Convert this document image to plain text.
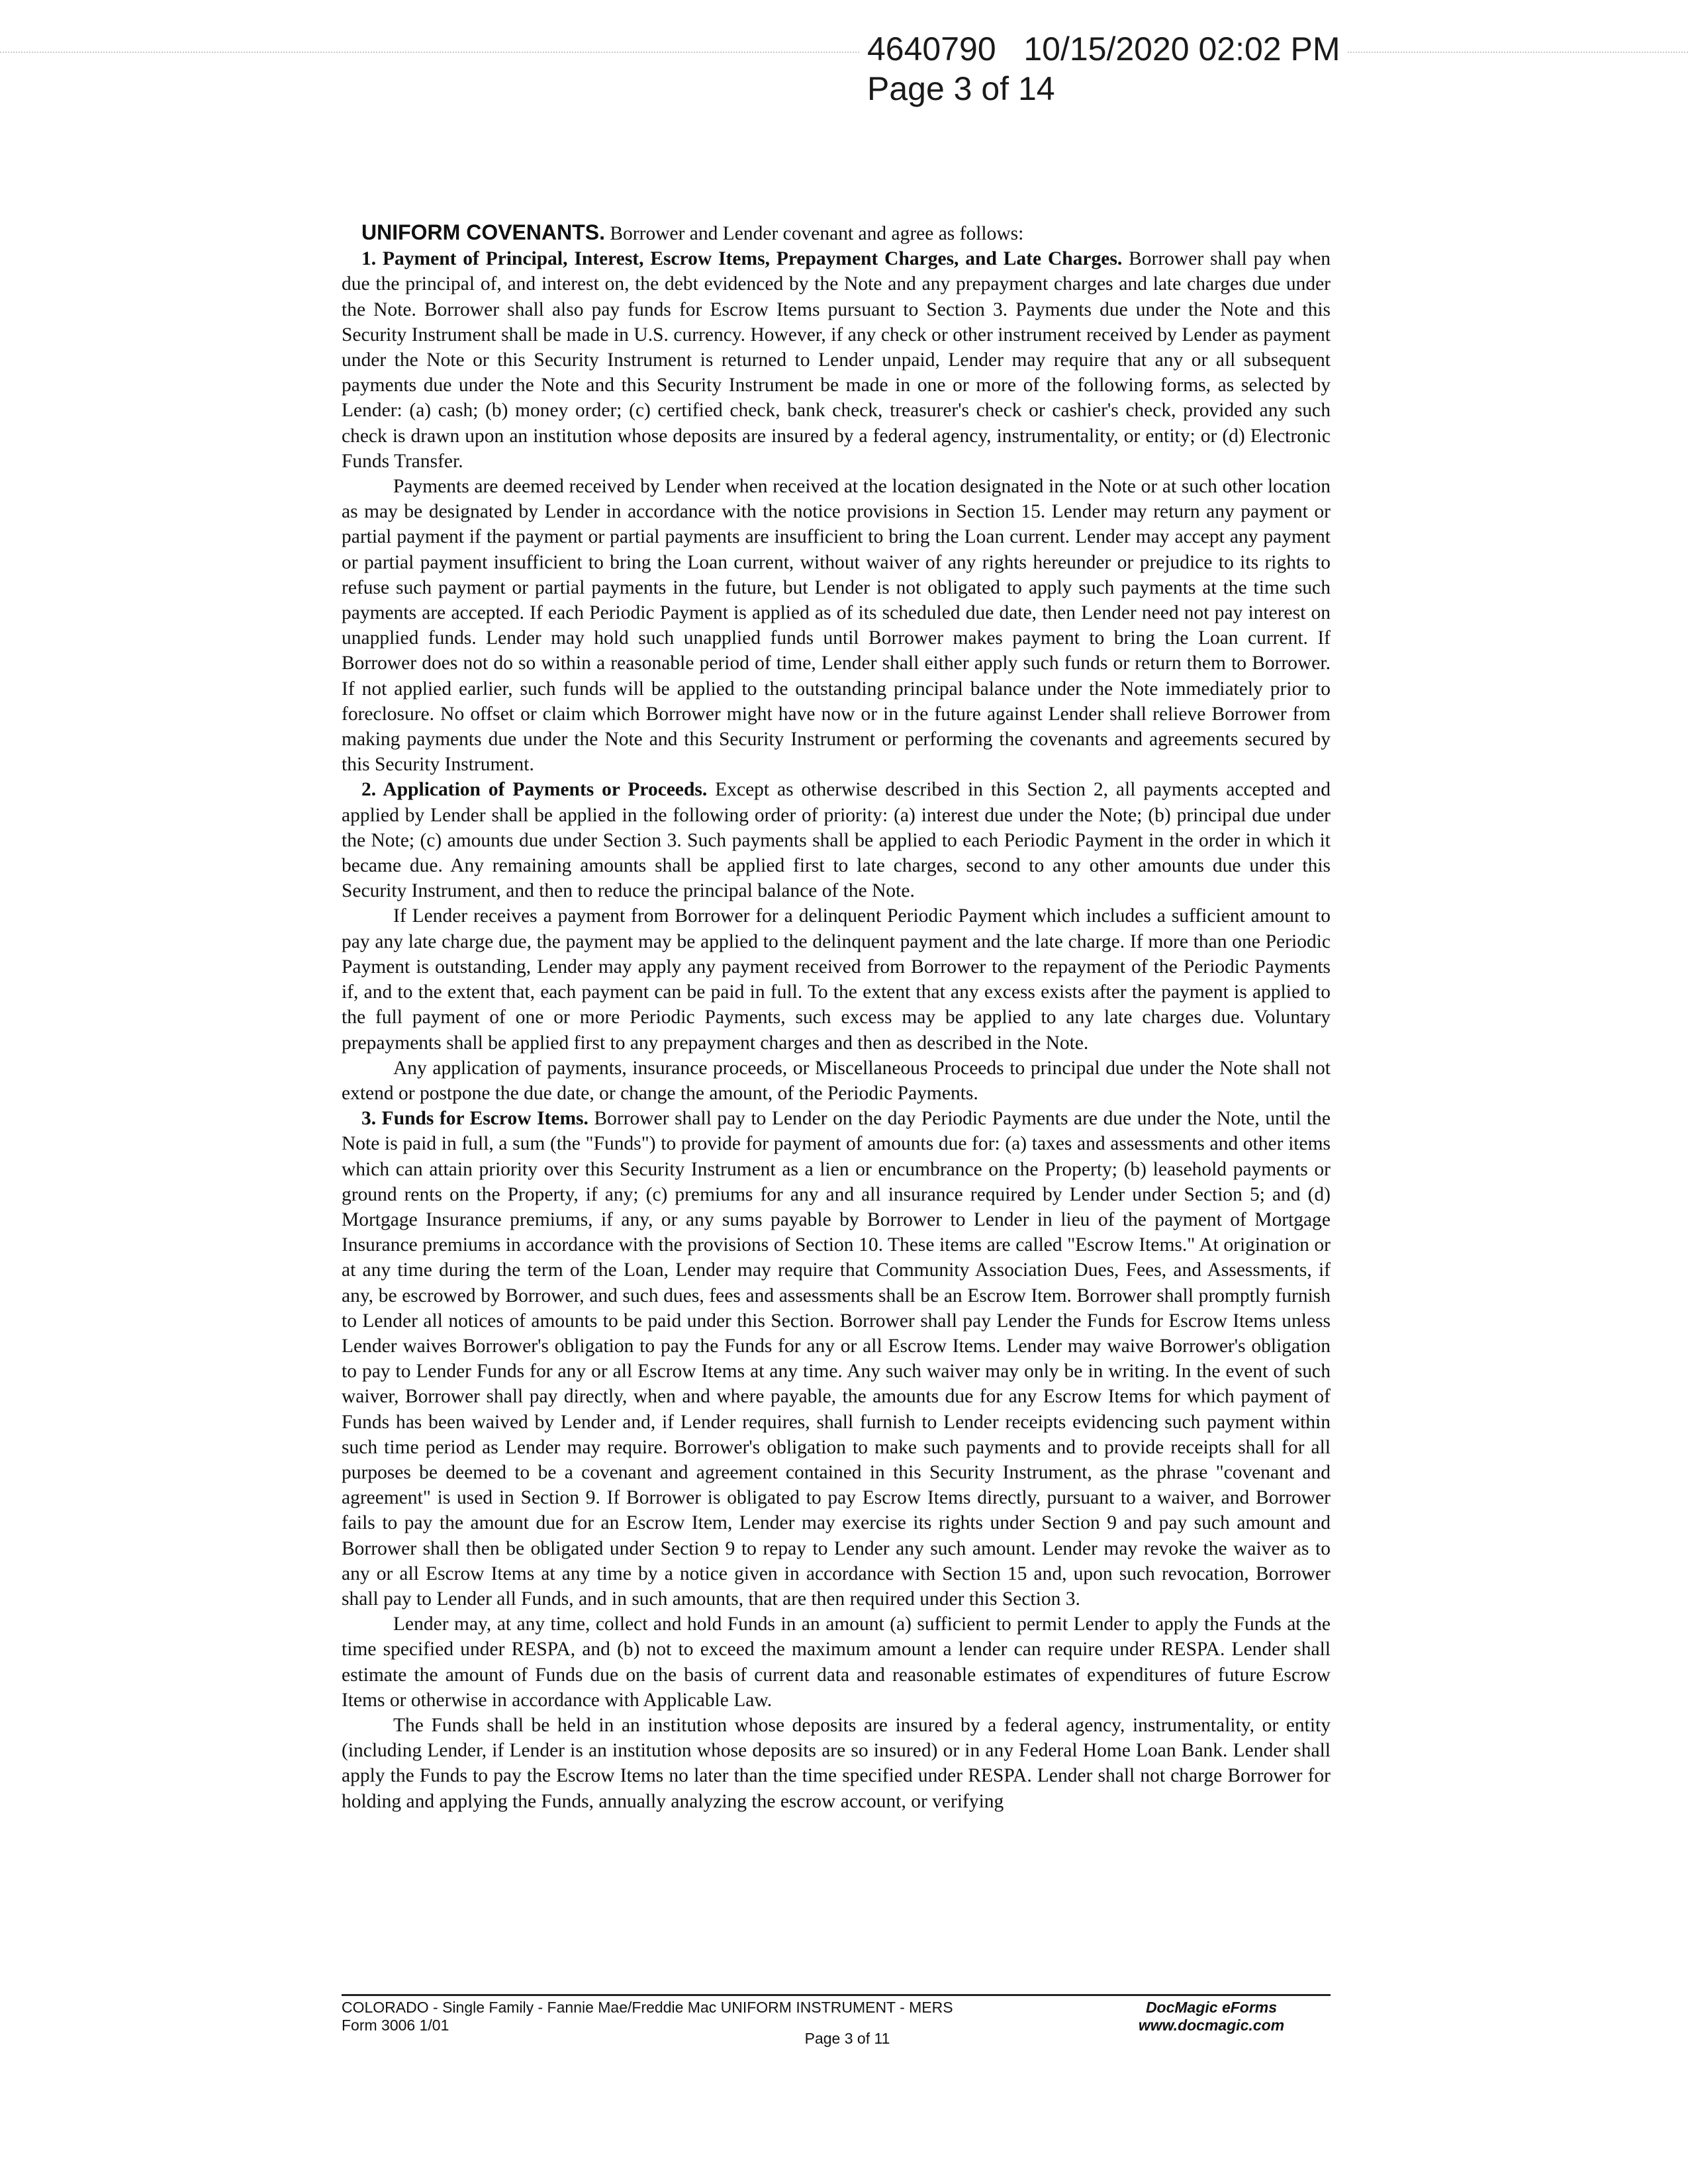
4640790 10/15/2020 02:02 PM
Page 3 of 14

UNIFORM COVENANTS. Borrower and Lender covenant and agree as follows:

1. Payment of Principal, Interest, Escrow Items, Prepayment Charges, and Late Charges. Borrower shall pay when due the principal of, and interest on, the debt evidenced by the Note and any prepayment charges and late charges due under the Note. Borrower shall also pay funds for Escrow Items pursuant to Section 3. Payments due under the Note and this Security Instrument shall be made in U.S. currency. However, if any check or other instrument received by Lender as payment under the Note or this Security Instrument is returned to Lender unpaid, Lender may require that any or all subsequent payments due under the Note and this Security Instrument be made in one or more of the following forms, as selected by Lender: (a) cash; (b) money order; (c) certified check, bank check, treasurer's check or cashier's check, provided any such check is drawn upon an institution whose deposits are insured by a federal agency, instrumentality, or entity; or (d) Electronic Funds Transfer.

Payments are deemed received by Lender when received at the location designated in the Note or at such other location as may be designated by Lender in accordance with the notice provisions in Section 15. Lender may return any payment or partial payment if the payment or partial payments are insufficient to bring the Loan current. Lender may accept any payment or partial payment insufficient to bring the Loan current, without waiver of any rights hereunder or prejudice to its rights to refuse such payment or partial payments in the future, but Lender is not obligated to apply such payments at the time such payments are accepted. If each Periodic Payment is applied as of its scheduled due date, then Lender need not pay interest on unapplied funds. Lender may hold such unapplied funds until Borrower makes payment to bring the Loan current. If Borrower does not do so within a reasonable period of time, Lender shall either apply such funds or return them to Borrower. If not applied earlier, such funds will be applied to the outstanding principal balance under the Note immediately prior to foreclosure. No offset or claim which Borrower might have now or in the future against Lender shall relieve Borrower from making payments due under the Note and this Security Instrument or performing the covenants and agreements secured by this Security Instrument.

2. Application of Payments or Proceeds. Except as otherwise described in this Section 2, all payments accepted and applied by Lender shall be applied in the following order of priority: (a) interest due under the Note; (b) principal due under the Note; (c) amounts due under Section 3. Such payments shall be applied to each Periodic Payment in the order in which it became due. Any remaining amounts shall be applied first to late charges, second to any other amounts due under this Security Instrument, and then to reduce the principal balance of the Note.

If Lender receives a payment from Borrower for a delinquent Periodic Payment which includes a sufficient amount to pay any late charge due, the payment may be applied to the delinquent payment and the late charge. If more than one Periodic Payment is outstanding, Lender may apply any payment received from Borrower to the repayment of the Periodic Payments if, and to the extent that, each payment can be paid in full. To the extent that any excess exists after the payment is applied to the full payment of one or more Periodic Payments, such excess may be applied to any late charges due. Voluntary prepayments shall be applied first to any prepayment charges and then as described in the Note.

Any application of payments, insurance proceeds, or Miscellaneous Proceeds to principal due under the Note shall not extend or postpone the due date, or change the amount, of the Periodic Payments.

3. Funds for Escrow Items. Borrower shall pay to Lender on the day Periodic Payments are due under the Note, until the Note is paid in full, a sum (the "Funds") to provide for payment of amounts due for: (a) taxes and assessments and other items which can attain priority over this Security Instrument as a lien or encumbrance on the Property; (b) leasehold payments or ground rents on the Property, if any; (c) premiums for any and all insurance required by Lender under Section 5; and (d) Mortgage Insurance premiums, if any, or any sums payable by Borrower to Lender in lieu of the payment of Mortgage Insurance premiums in accordance with the provisions of Section 10. These items are called "Escrow Items." At origination or at any time during the term of the Loan, Lender may require that Community Association Dues, Fees, and Assessments, if any, be escrowed by Borrower, and such dues, fees and assessments shall be an Escrow Item. Borrower shall promptly furnish to Lender all notices of amounts to be paid under this Section. Borrower shall pay Lender the Funds for Escrow Items unless Lender waives Borrower's obligation to pay the Funds for any or all Escrow Items. Lender may waive Borrower's obligation to pay to Lender Funds for any or all Escrow Items at any time. Any such waiver may only be in writing. In the event of such waiver, Borrower shall pay directly, when and where payable, the amounts due for any Escrow Items for which payment of Funds has been waived by Lender and, if Lender requires, shall furnish to Lender receipts evidencing such payment within such time period as Lender may require. Borrower's obligation to make such payments and to provide receipts shall for all purposes be deemed to be a covenant and agreement contained in this Security Instrument, as the phrase "covenant and agreement" is used in Section 9. If Borrower is obligated to pay Escrow Items directly, pursuant to a waiver, and Borrower fails to pay the amount due for an Escrow Item, Lender may exercise its rights under Section 9 and pay such amount and Borrower shall then be obligated under Section 9 to repay to Lender any such amount. Lender may revoke the waiver as to any or all Escrow Items at any time by a notice given in accordance with Section 15 and, upon such revocation, Borrower shall pay to Lender all Funds, and in such amounts, that are then required under this Section 3.

Lender may, at any time, collect and hold Funds in an amount (a) sufficient to permit Lender to apply the Funds at the time specified under RESPA, and (b) not to exceed the maximum amount a lender can require under RESPA. Lender shall estimate the amount of Funds due on the basis of current data and reasonable estimates of expenditures of future Escrow Items or otherwise in accordance with Applicable Law.

The Funds shall be held in an institution whose deposits are insured by a federal agency, instrumentality, or entity (including Lender, if Lender is an institution whose deposits are so insured) or in any Federal Home Loan Bank. Lender shall apply the Funds to pay the Escrow Items no later than the time specified under RESPA. Lender shall not charge Borrower for holding and applying the Funds, annually analyzing the escrow account, or verifying

COLORADO - Single Family - Fannie Mae/Freddie Mac UNIFORM INSTRUMENT - MERS
Form 3006 1/01
DocMagic eForms
www.docmagic.com
Page 3 of 11
